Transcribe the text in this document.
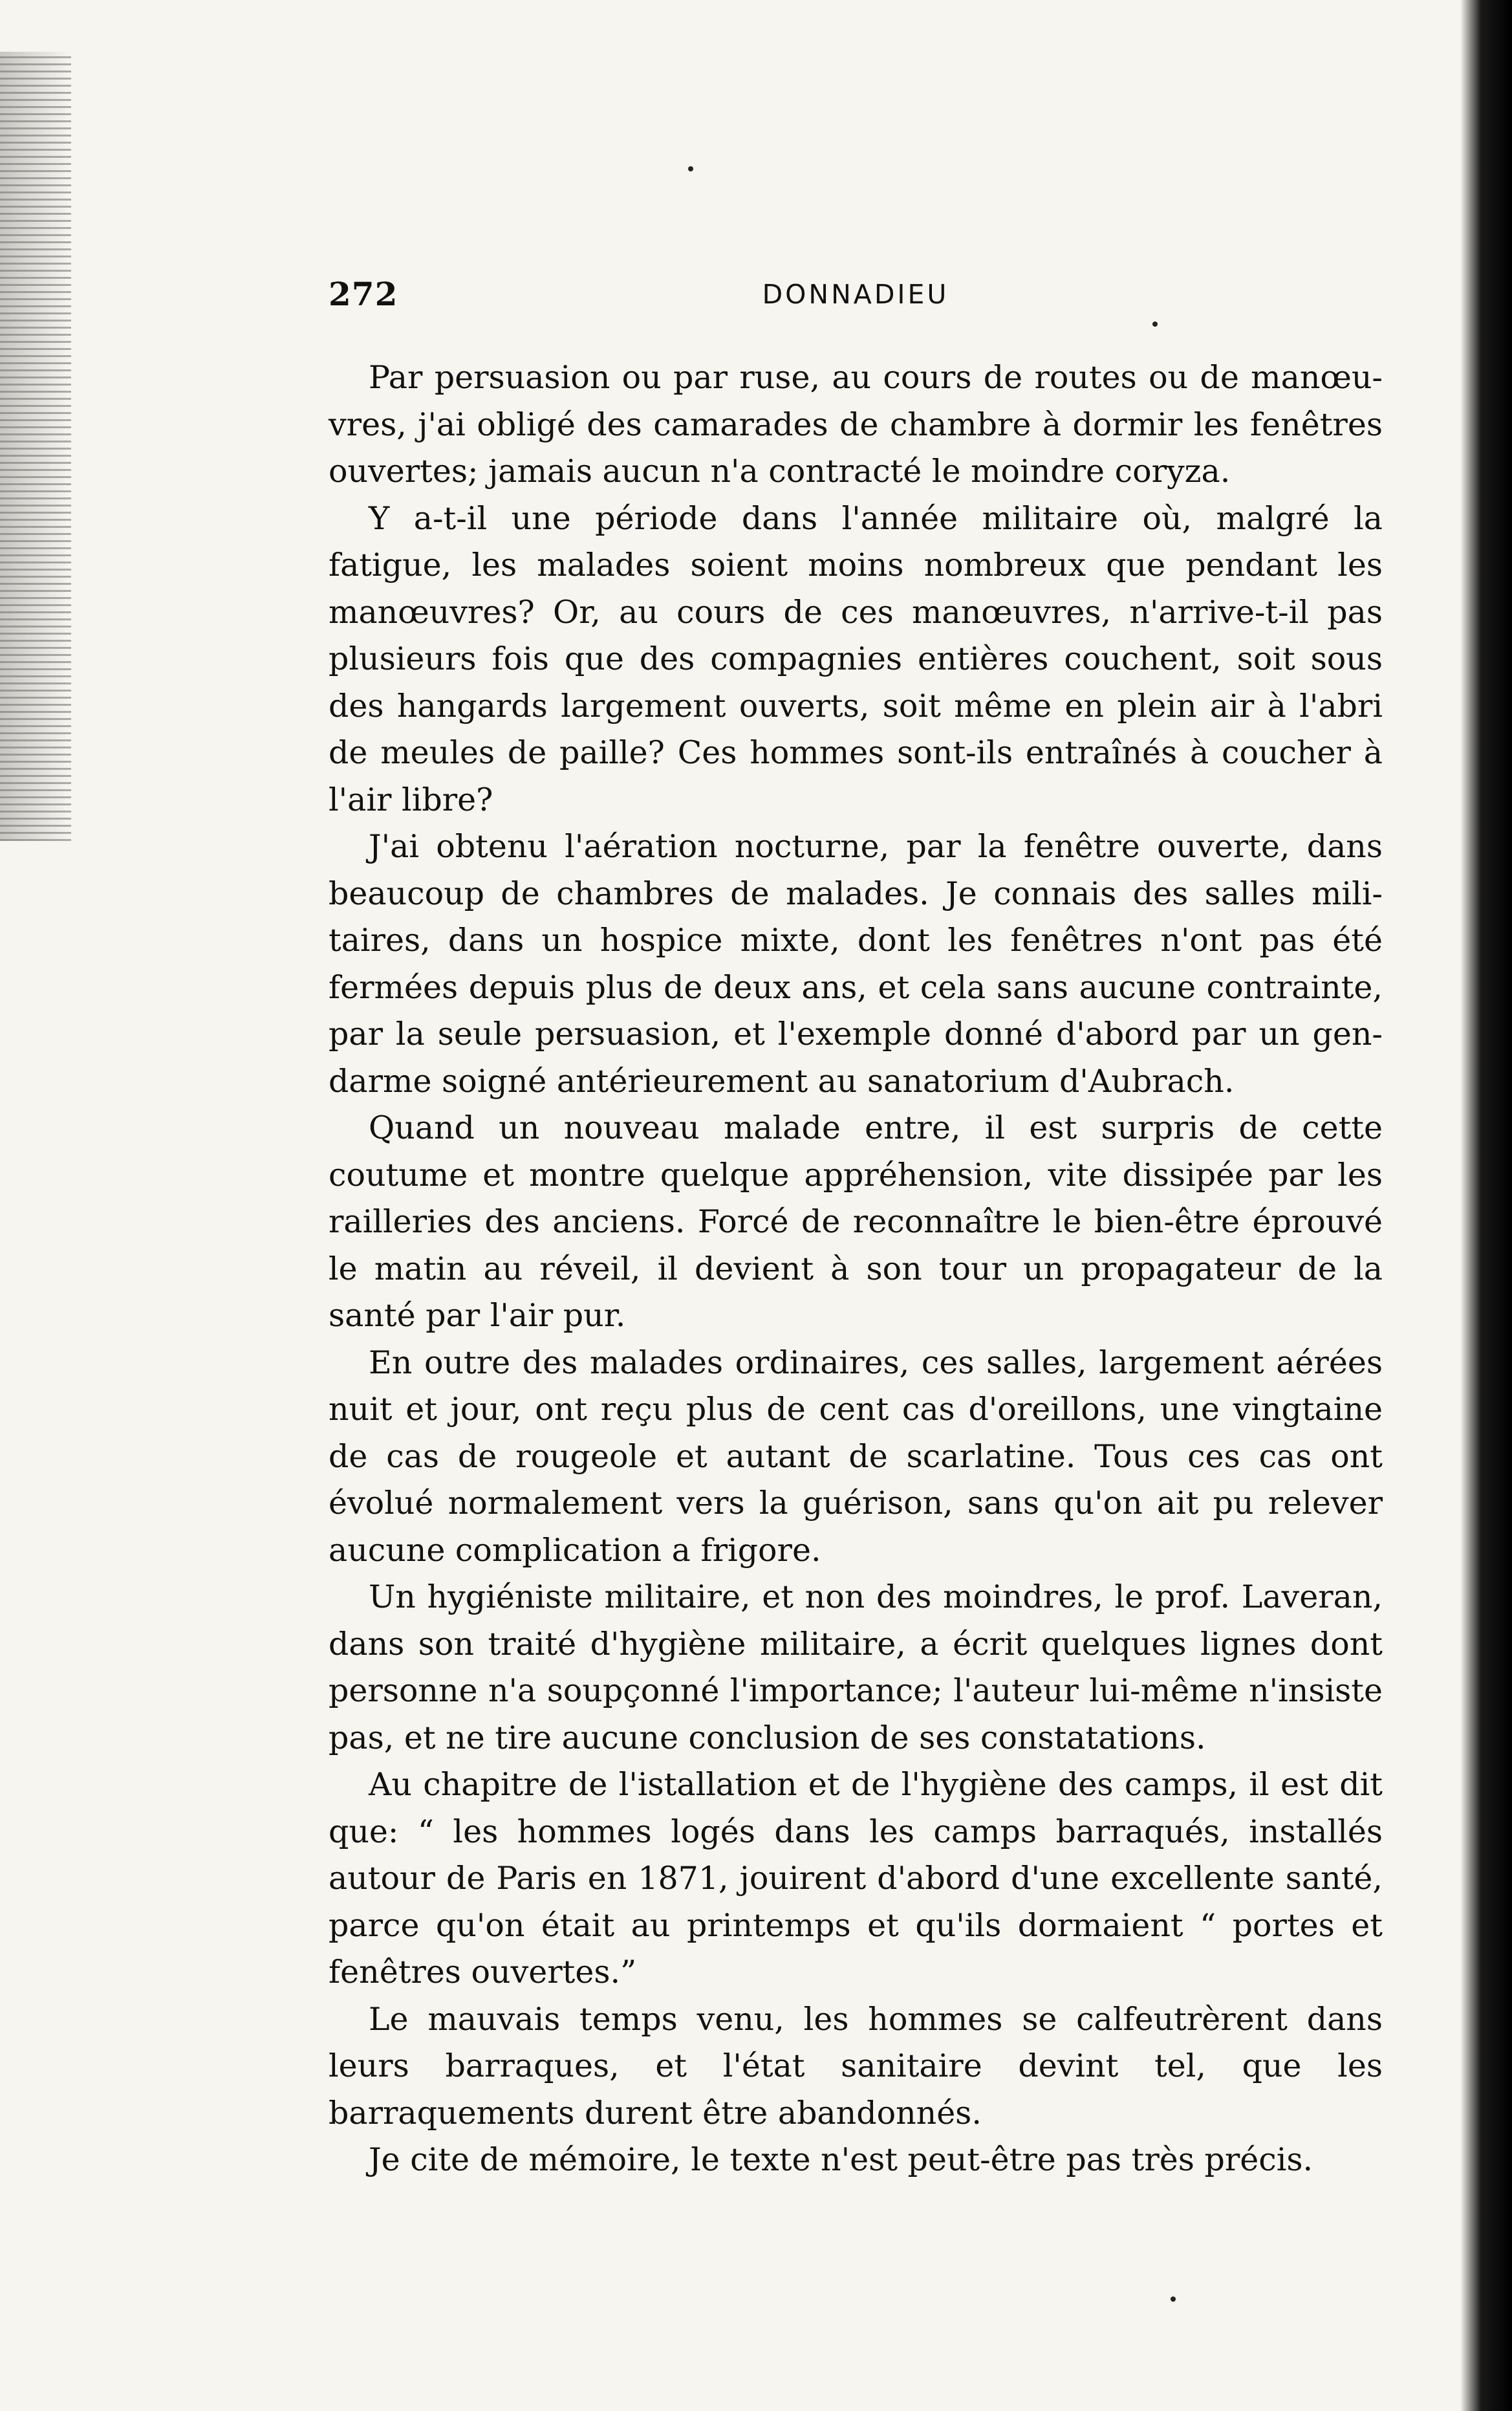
272	DONNADIEU

Par persuasion ou par ruse, au cours de routes ou de manœu-vres, j'ai obligé des camarades de chambre à dormir les fenêtres ouvertes; jamais aucun n'a contracté le moindre coryza.

Y a-t-il une période dans l'année militaire où, malgré la fatigue, les malades soient moins nombreux que pendant les manœuvres? Or, au cours de ces manœuvres, n'arrive-t-il pas plusieurs fois que des compagnies entières couchent, soit sous des hangards largement ouverts, soit même en plein air à l'abri de meules de paille? Ces hommes sont-ils entraînés à coucher à l'air libre?

J'ai obtenu l'aération nocturne, par la fenêtre ouverte, dans beaucoup de chambres de malades. Je connais des salles mili-taires, dans un hospice mixte, dont les fenêtres n'ont pas été fermées depuis plus de deux ans, et cela sans aucune contrainte, par la seule persuasion, et l'exemple donné d'abord par un gen-darme soigné antérieurement au sanatorium d'Aubrach.

Quand un nouveau malade entre, il est surpris de cette coutume et montre quelque appréhension, vite dissipée par les railleries des anciens. Forcé de reconnaître le bien-être éprouvé le matin au réveil, il devient à son tour un propagateur de la santé par l'air pur.

En outre des malades ordinaires, ces salles, largement aérées nuit et jour, ont reçu plus de cent cas d'oreillons, une vingtaine de cas de rougeole et autant de scarlatine. Tous ces cas ont évolué normalement vers la guérison, sans qu'on ait pu relever aucune complication a frigore.

Un hygiéniste militaire, et non des moindres, le prof. Laveran, dans son traité d'hygiène militaire, a écrit quelques lignes dont personne n'a soupçonné l'importance; l'auteur lui-même n'insiste pas, et ne tire aucune conclusion de ses constatations.

Au chapitre de l'istallation et de l'hygiène des camps, il est dit que: “ les hommes logés dans les camps barraqués, installés autour de Paris en 1871, jouirent d'abord d'une excellente santé, parce qu'on était au printemps et qu'ils dormaient “ portes et fenêtres ouvertes.”

Le mauvais temps venu, les hommes se calfeutrèrent dans leurs barraques, et l'état sanitaire devint tel, que les barraquements durent être abandonnés.

Je cite de mémoire, le texte n'est peut-être pas très précis.
